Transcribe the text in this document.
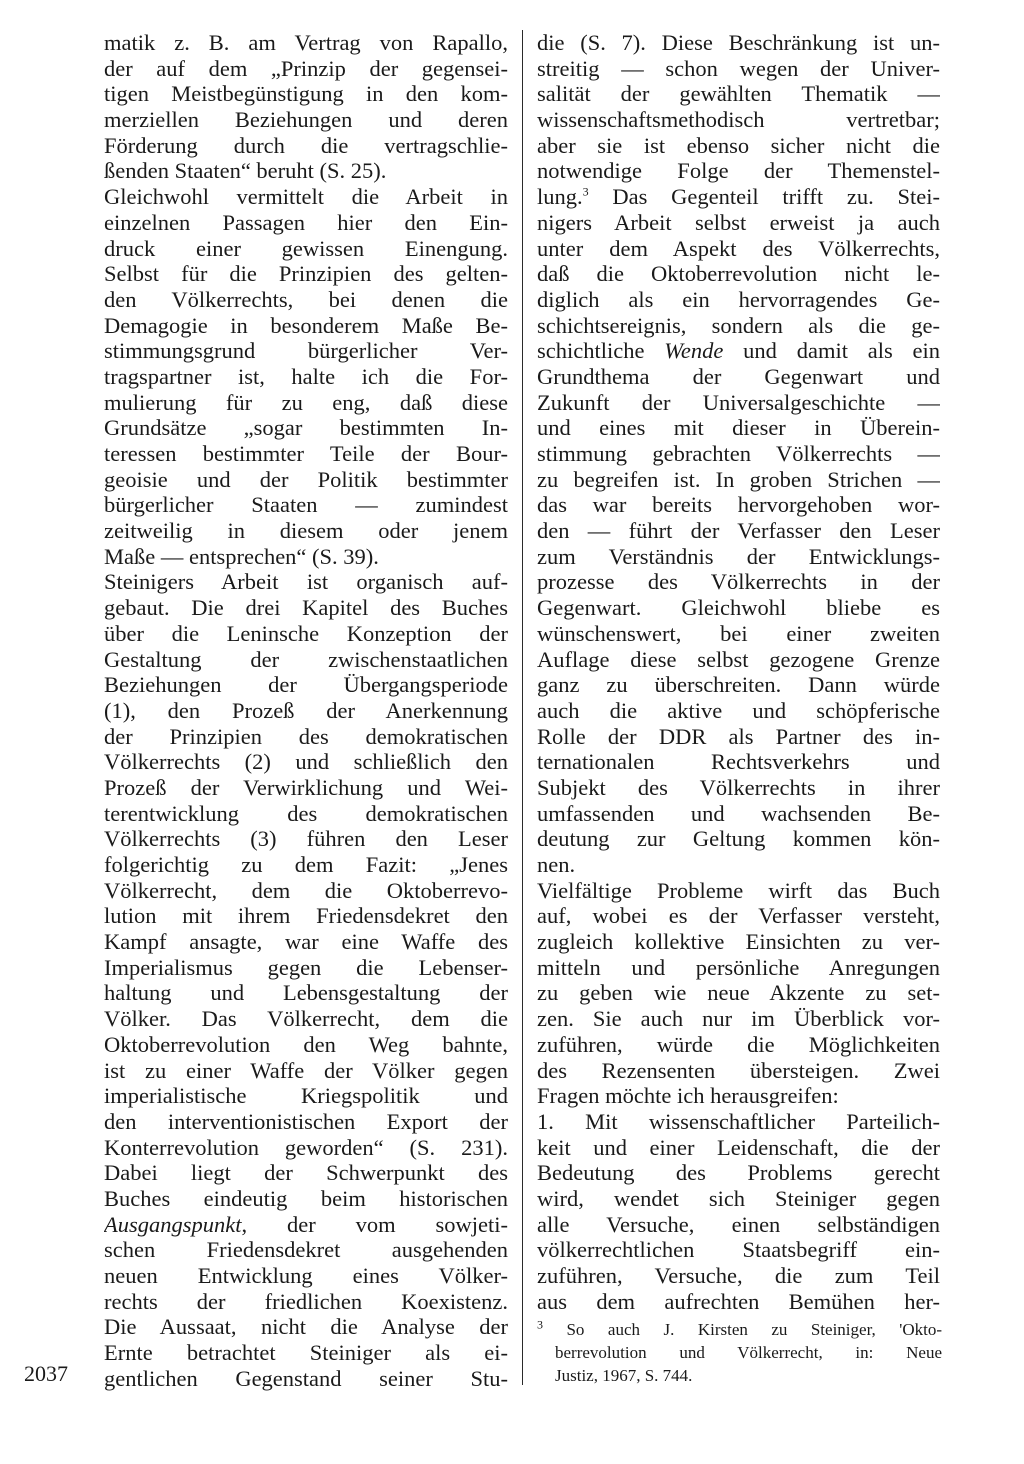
matik z. B. am Vertrag von Rapallo,
der auf dem „Prinzip der gegensei-
tigen Meistbegünstigung in den kom-
merziellen Beziehungen und deren
Förderung durch die vertragschlie-
ßenden Staaten“ beruht (S. 25).
Gleichwohl vermittelt die Arbeit in
einzelnen Passagen hier den Ein-
druck einer gewissen Einengung.
Selbst für die Prinzipien des gelten-
den Völkerrechts, bei denen die
Demagogie in besonderem Maße Be-
stimmungsgrund bürgerlicher Ver-
tragspartner ist, halte ich die For-
mulierung für zu eng, daß diese
Grundsätze „sogar bestimmten In-
teressen bestimmter Teile der Bour-
geoisie und der Politik bestimmter
bürgerlicher Staaten — zumindest
zeitweilig in diesem oder jenem
Maße — entsprechen“ (S. 39).
Steinigers Arbeit ist organisch auf-
gebaut. Die drei Kapitel des Buches
über die Leninsche Konzeption der
Gestaltung der zwischenstaatlichen
Beziehungen der Übergangsperiode
(1), den Prozeß der Anerkennung
der Prinzipien des demokratischen
Völkerrechts (2) und schließlich den
Prozeß der Verwirklichung und Wei-
terentwicklung des demokratischen
Völkerrechts (3) führen den Leser
folgerichtig zu dem Fazit: „Jenes
Völkerrecht, dem die Oktoberrevo-
lution mit ihrem Friedensdekret den
Kampf ansagte, war eine Waffe des
Imperialismus gegen die Lebenser-
haltung und Lebensgestaltung der
Völker. Das Völkerrecht, dem die
Oktoberrevolution den Weg bahnte,
ist zu einer Waffe der Völker gegen
imperialistische Kriegspolitik und
den interventionistischen Export der
Konterrevolution geworden“ (S. 231).
Dabei liegt der Schwerpunkt des
Buches eindeutig beim historischen
Ausgangspunkt, der vom sowjeti-
schen Friedensdekret ausgehenden
neuen Entwicklung eines Völker-
rechts der friedlichen Koexistenz.
Die Aussaat, nicht die Analyse der
Ernte betrachtet Steiniger als ei-
gentlichen Gegenstand seiner Stu-
die (S. 7). Diese Beschränkung ist un-
streitig — schon wegen der Univer-
salität der gewählten Thematik —
wissenschaftsmethodisch vertretbar;
aber sie ist ebenso sicher nicht die
notwendige Folge der Themenstel-
lung.$^3$ Das Gegenteil trifft zu. Stei-
nigers Arbeit selbst erweist ja auch
unter dem Aspekt des Völkerrechts,
daß die Oktoberrevolution nicht le-
diglich als ein hervorragendes Ge-
schichtsereignis, sondern als die ge-
schichtliche Wende und damit als ein
Grundthema der Gegenwart und
Zukunft der Universalgeschichte —
und eines mit dieser in Überein-
stimmung gebrachten Völkerrechts —
zu begreifen ist. In groben Strichen —
das war bereits hervorgehoben wor-
den — führt der Verfasser den Leser
zum Verständnis der Entwicklungs-
prozesse des Völkerrechts in der
Gegenwart. Gleichwohl bliebe es
wünschenswert, bei einer zweiten
Auflage diese selbst gezogene Grenze
ganz zu überschreiten. Dann würde
auch die aktive und schöpferische
Rolle der DDR als Partner des in-
ternationalen Rechtsverkehrs und
Subjekt des Völkerrechts in ihrer
umfassenden und wachsenden Be-
deutung zur Geltung kommen kön-
nen.
Vielfältige Probleme wirft das Buch
auf, wobei es der Verfasser versteht,
zugleich kollektive Einsichten zu ver-
mitteln und persönliche Anregungen
zu geben wie neue Akzente zu set-
zen. Sie auch nur im Überblick vor-
zuführen, würde die Möglichkeiten
des Rezensenten übersteigen. Zwei
Fragen möchte ich herausgreifen:
1. Mit wissenschaftlicher Parteilich-
keit und einer Leidenschaft, die der
Bedeutung des Problems gerecht
wird, wendet sich Steiniger gegen
alle Versuche, einen selbständigen
völkerrechtlichen Staatsbegriff ein-
zuführen, Versuche, die zum Teil
aus dem aufrechten Bemühen her-
$^3$ So auch J. Kirsten zu Steiniger, 'Okto-
berrevolution und Völkerrecht, in: Neue
Justiz, 1967, S. 744.
2037
